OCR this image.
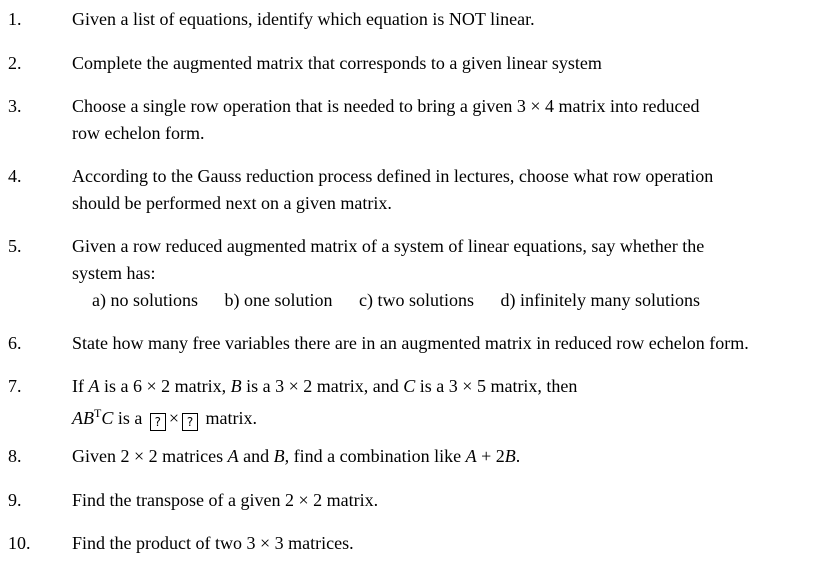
1.	Given a list of equations, identify which equation is NOT linear.
2.	Complete the augmented matrix that corresponds to a given linear system
3.	Choose a single row operation that is needed to bring a given 3 × 4 matrix into reduced
row echelon form.
4.	According to the Gauss reduction process defined in lectures, choose what row operation
should be performed next on a given matrix.
5.	Given a row reduced augmented matrix of a system of linear equations, say whether the
system has:
a) no solutions b) one solution c) two solutions d) infinitely many solutions
6.	State how many free variables there are in an augmented matrix in reduced row echelon form.
7.	If A is a 6 × 2 matrix, B is a 3 × 2 matrix, and C is a 3 × 5 matrix, then
$AB^TC$ is a ? × ? matrix.
8.	Given 2 × 2 matrices A and B, find a combination like A + 2B.
9.	Find the transpose of a given 2 × 2 matrix.
10. Find the product of two 3 × 3 matrices.
